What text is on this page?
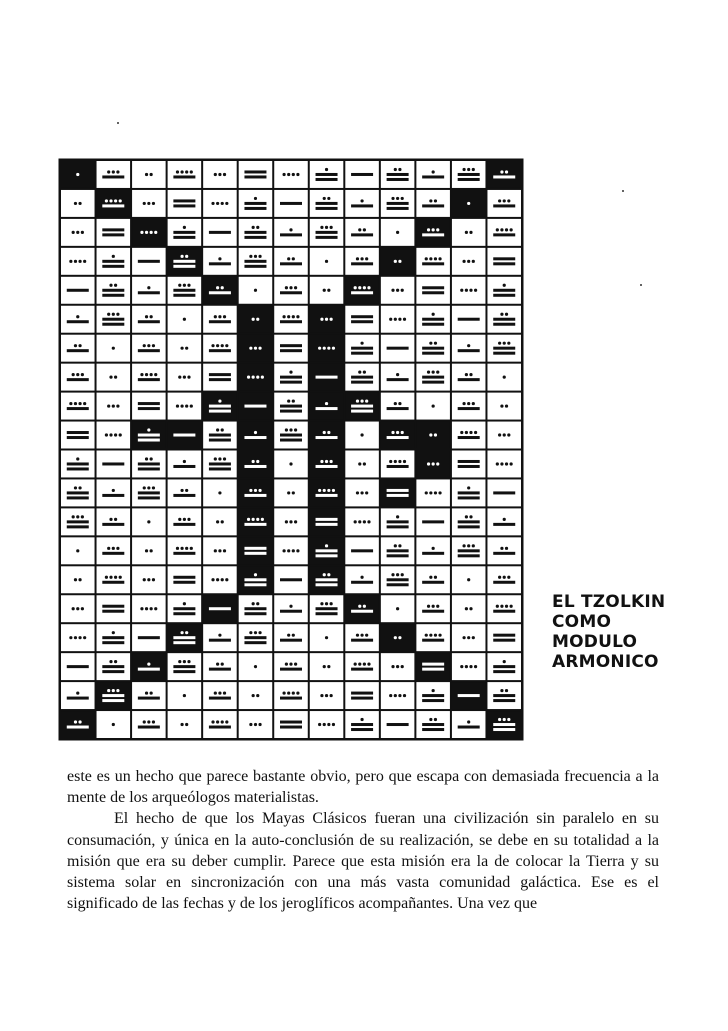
EL TZOLKIN
COMO
MODULO
ARMONICO

este es un hecho que parece bastante obvio, pero que escapa con demasiada frecuencia a la mente de los arqueólogos materialistas.

El hecho de que los Mayas Clásicos fueran una civilización sin paralelo en su consumación, y única en la auto-conclusión de su realización, se debe en su totalidad a la misión que era su deber cumplir. Parece que esta misión era la de colocar la Tierra y su sistema solar en sincronización con una más vasta comunidad galáctica. Ese es el significado de las fechas y de los jeroglíficos acompañantes. Una vez que
